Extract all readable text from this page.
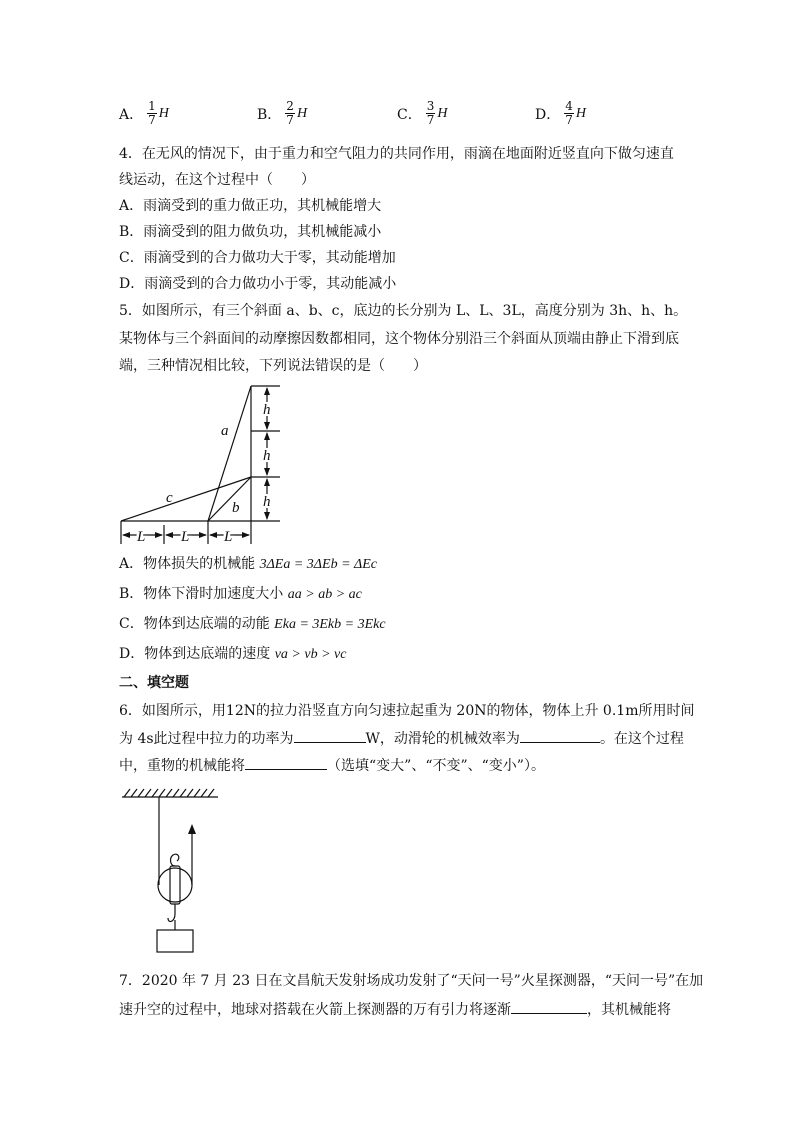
A． $\frac{1}{7}$ H	B． $\frac{2}{7}$ H	C． $\frac{3}{7}$ H	D． $\frac{4}{7}$ H
4．在无风的情况下，由于重力和空气阻力的共同作用，雨滴在地面附近竖直向下做匀速直
线运动，在这个过程中（　　）
A．雨滴受到的重力做正功，其机械能增大
B．雨滴受到的阻力做负功，其机械能减小
C．雨滴受到的合力做功大于零，其动能增加
D．雨滴受到的合力做功小于零，其动能减小
5．如图所示，有三个斜面 a、b、c，底边的长分别为 L、L、3L，高度分别为 3h、h、h。
某物体与三个斜面间的动摩擦因数都相同，这个物体分别沿三个斜面从顶端由静止下滑到底
端，三种情况相比较，下列说法错误的是（　　）
a
b
c
h
h
h
L L L
A．物体损失的机械能 3ΔEa = 3ΔEb = ΔEc
B．物体下滑时加速度大小 aa > ab > ac
C．物体到达底端的动能 Eka = 3Ekb = 3Ekc
D．物体到达底端的速度 va > vb > vc
二、填空题
6．如图所示，用12N的拉力沿竖直方向匀速拉起重为 20N的物体，物体上升 0.1m所用时间
为 4s此过程中拉力的功率为	W，动滑轮的机械效率为	。在这个过程
中，重物的机械能将	（选填“变大”、“不变”、“变小”）。
7．2020 年 7 月 23 日在文昌航天发射场成功发射了“天问一号”火星探测器，“天问一号”在加
速升空的过程中，地球对搭载在火箭上探测器的万有引力将逐渐	，其机械能将
